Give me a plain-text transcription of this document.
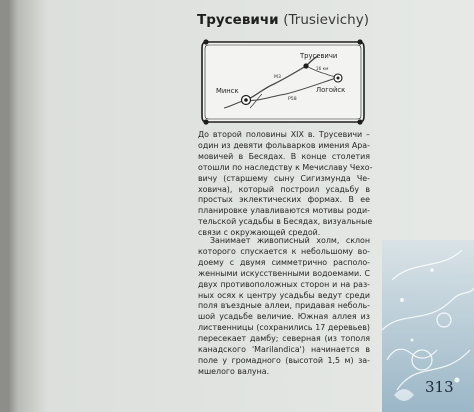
Трусевичи (Trusievichy)
Минск
Трусевичи
Логойск
M3
P58
16 км
До второй половины XIX в. Трусевичи –
один из девяти фольварков имения Ара-
мовичей в Бесядах. В конце столетия
отошли по наследству к Мечиславу Чехо-
вичу (старшему сыну Сигизмунда Че-
ховича), который построил усадьбу в
простых эклектических формах. В ее
планировке улавливаются мотивы роди-
тельской усадьбы в Бесядах, визуальные
связи с окружающей средой.
Занимает живописный холм, склон
которого спускается к небольшому во-
доему с двумя симметрично располо-
женными искусственными водоемами. С
двух противоположных сторон и на раз-
ных осях к центру усадьбы ведут среди
поля въездные аллеи, придавая неболь-
шой усадьбе величие. Южная аллея из
лиственницы (сохранились 17 деревьев)
пересекает дамбу; северная (из тополя
канадского 'Marilandica') начинается в
поле у громадного (высотой 1,5 м) за-
мшелого валуна.
313
